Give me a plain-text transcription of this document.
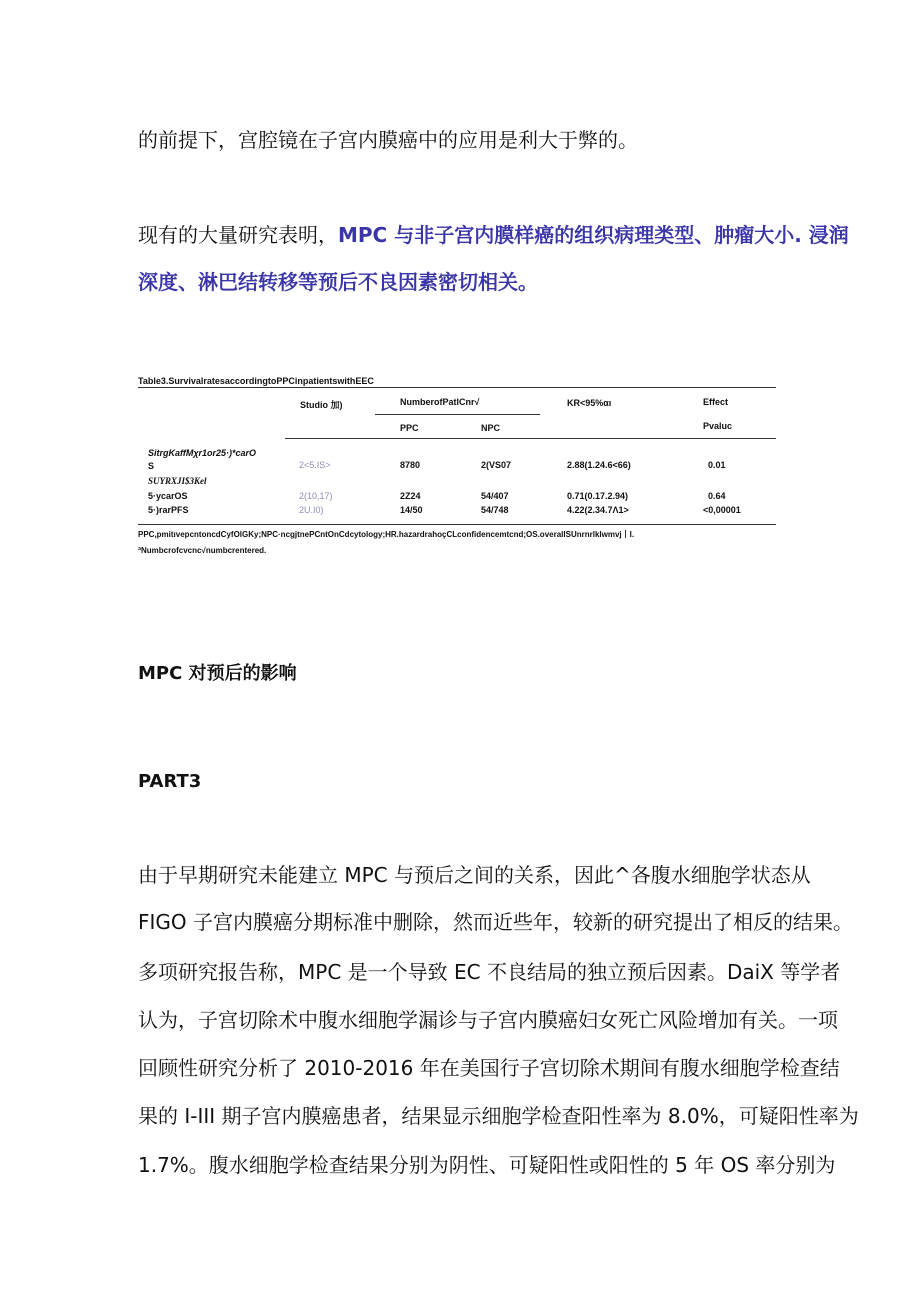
的前提下，宫腔镜在子宫内膜癌中的应用是利大于弊的。

现有的大量研究表明，MPC 与非子宫内膜样癌的组织病理类型、肿瘤大小. 浸润

深度、淋巴结转移等预后不良因素密切相关。

Table3.SurvivalratesaccordingtoPPCinpatientswithEEC
Studio 加)	NumberofPatlCnr√	KR<95%αı	Effect
PPC	NPC	Pvaluc
SitrgKaffMχr1or25·)*carO
S	2<5.IS>	8780	2(VS07	2.88(1.24.6<66)	0.01
SUYRXJI$3Kel
5·ycarOS	2(10,17)	2Z24	54/407	0.71(0.17.2.94)	0.64
5·)rarPFS	2U.I0)	14/50	54/748	4.22(2.34.7Λ1>	<0,00001
PPC,pmitıvepcntoncdCyfOlGKy;NPC·ncgjtnePCntOnCdcytology;HR.hazardrahoçCLconfidencemtcnd;OS.overallSUnrnrlklwmvj丨I.
ªNumbcrofcvcnc√numbcrentered.

MPC 对预后的影响

PART3

由于早期研究未能建立 MPC 与预后之间的关系，因此^各腹水细胞学状态从

FIGO 子宫内膜癌分期标准中删除，然而近些年，较新的研究提出了相反的结果。

多项研究报告称，MPC 是一个导致 EC 不良结局的独立预后因素。DaiX 等学者

认为，子宫切除术中腹水细胞学漏诊与子宫内膜癌妇女死亡风险增加有关。一项

回顾性研究分析了 2010-2016 年在美国行子宫切除术期间有腹水细胞学检查结

果的 I-III 期子宫内膜癌患者，结果显示细胞学检查阳性率为 8.0%，可疑阳性率为

1.7%。腹水细胞学检查结果分别为阴性、可疑阳性或阳性的 5 年 OS 率分别为
